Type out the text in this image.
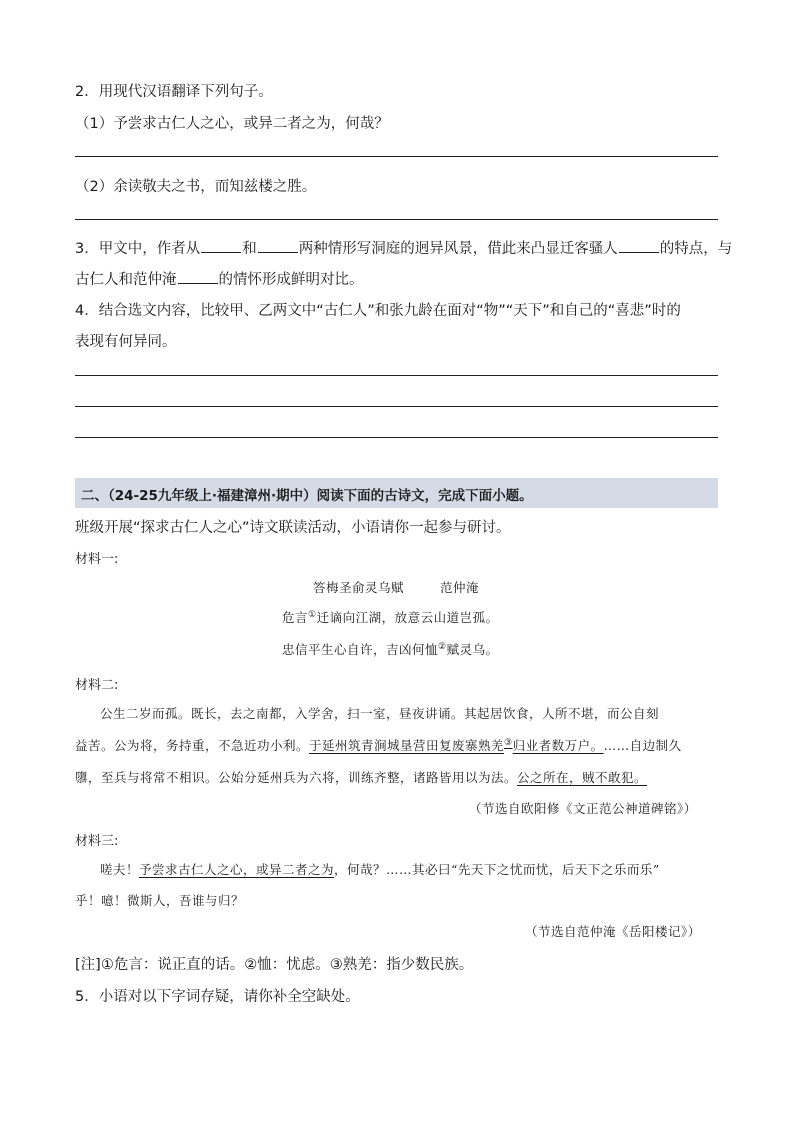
2．用现代汉语翻译下列句子。
（1）予尝求古仁人之心，或异二者之为，何哉？
（2）余读敬夫之书，而知兹楼之胜。
3．甲文中，作者从	和	两种情形写洞庭的迥异风景，借此来凸显迁客骚人	的特点，与
古仁人和范仲淹	的情怀形成鲜明对比。
4．结合选文内容，比较甲、乙两文中“古仁人”和张九龄在面对“物”“天下”和自己的“喜悲”时的
表现有何异同。
二、（24-25九年级上·福建漳州·期中）阅读下面的古诗文，完成下面小题。
班级开展“探求古仁人之心”诗文联读活动，小语请你一起参与研讨。
材料一:
答梅圣俞灵乌赋	范仲淹
危言①迁谪向江湖，放意云山道岂孤。
忠信平生心自许，吉凶何恤②赋灵乌。
材料二:
公生二岁而孤。既长，去之南都，入学舍，扫一室，昼夜讲诵。其起居饮食，人所不堪，而公自刻
益苦。公为将，务持重，不急近功小利。于延州筑青涧城垦营田复废寨熟羌③归业者数万户。……自边制久
隳，至兵与将常不相识。公始分延州兵为六将，训练齐整，诸路皆用以为法。公之所在，贼不敢犯。
（节选自欧阳修《文正范公神道碑铭》）
材料三:
嗟夫！予尝求古仁人之心，或异二者之为，何哉？……其必曰“先天下之忧而忧，后天下之乐而乐”
乎！噫！微斯人，吾谁与归？
（节选自范仲淹《岳阳楼记》）
[注]①危言：说正直的话。②恤：忧虑。③熟羌：指少数民族。
5．小语对以下字词存疑，请你补全空缺处。
